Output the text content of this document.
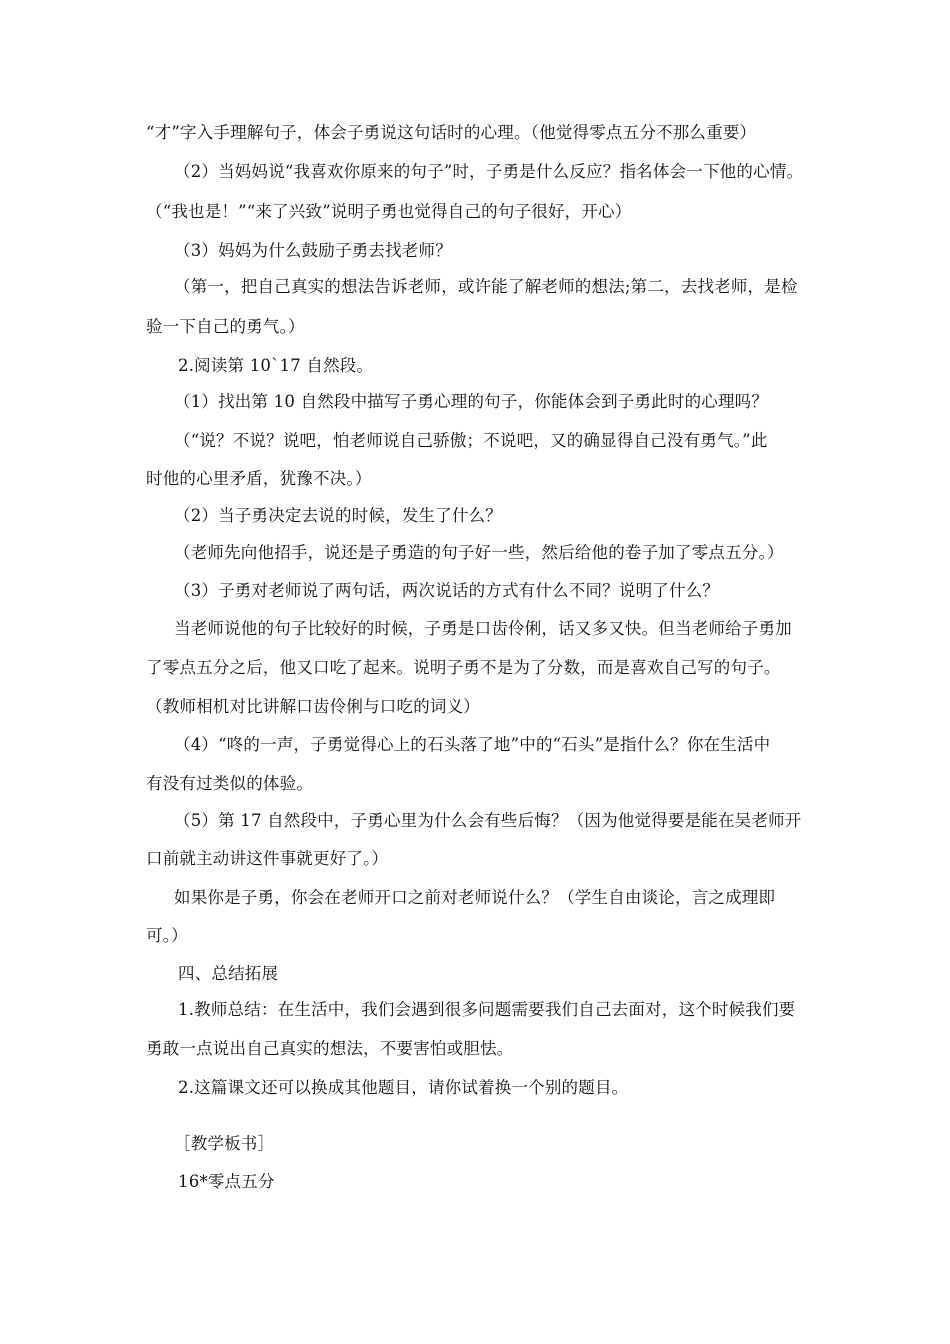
“才”字入手理解句子，体会子勇说这句话时的心理。（他觉得零点五分不那么重要）
（2）当妈妈说“我喜欢你原来的句子”时，子勇是什么反应？指名体会一下他的心情。
（“我也是！”“来了兴致”说明子勇也觉得自己的句子很好，开心）
（3）妈妈为什么鼓励子勇去找老师？
（第一，把自己真实的想法告诉老师，或许能了解老师的想法;第二，去找老师，是检
验一下自己的勇气。）
2.阅读第 10`17 自然段。
（1）找出第 10 自然段中描写子勇心理的句子，你能体会到子勇此时的心理吗？
（“说？不说？说吧，怕老师说自己骄傲；不说吧，又的确显得自己没有勇气。”此
时他的心里矛盾，犹豫不决。）
（2）当子勇决定去说的时候，发生了什么？
（老师先向他招手，说还是子勇造的句子好一些，然后给他的卷子加了零点五分。）
（3）子勇对老师说了两句话，两次说话的方式有什么不同？说明了什么？
当老师说他的句子比较好的时候，子勇是口齿伶俐，话又多又快。但当老师给子勇加
了零点五分之后，他又口吃了起来。说明子勇不是为了分数，而是喜欢自己写的句子。
（教师相机对比讲解口齿伶俐与口吃的词义）
（4）“咚的一声，子勇觉得心上的石头落了地”中的“石头”是指什么？你在生活中
有没有过类似的体验。
（5）第 17 自然段中，子勇心里为什么会有些后悔？（因为他觉得要是能在吴老师开
口前就主动讲这件事就更好了。）
如果你是子勇，你会在老师开口之前对老师说什么？（学生自由谈论，言之成理即
可。）
四、总结拓展
1.教师总结：在生活中，我们会遇到很多问题需要我们自己去面对，这个时候我们要
勇敢一点说出自己真实的想法，不要害怕或胆怯。
2.这篇课文还可以换成其他题目，请你试着换一个别的题目。
［教学板书］
16*零点五分
